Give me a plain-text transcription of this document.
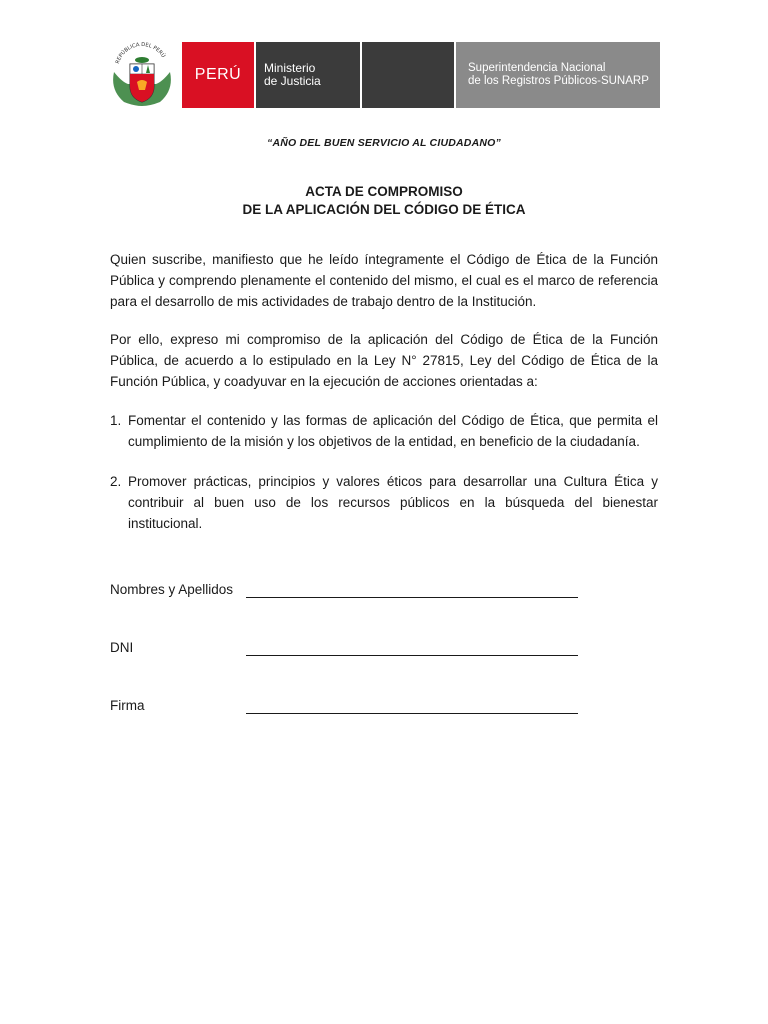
REPÚBLICA DEL PERÚ
PERÚ	Ministerio
de Justicia
Superintendencia Nacional
de los Registros Públicos-SUNARP
“AÑO DEL BUEN SERVICIO AL CIUDADANO”
ACTA DE COMPROMISO
DE LA APLICACIÓN DEL CÓDIGO DE ÉTICA

Quien suscribe, manifiesto que he leído íntegramente el Código de Ética de la Función Pública y comprendo plenamente el contenido del mismo, el cual es el marco de referencia para el desarrollo de mis actividades de trabajo dentro de la Institución.

Por ello, expreso mi compromiso de la aplicación del Código de Ética de la Función Pública, de acuerdo a lo estipulado en la Ley N° 27815, Ley del Código de Ética de la Función Pública, y coadyuvar en la ejecución de acciones orientadas a:

1. Fomentar el contenido y las formas de aplicación del Código de Ética, que permita el cumplimiento de la misión y los objetivos de la entidad, en beneficio de la ciudadanía.
2. Promover prácticas, principios y valores éticos para desarrollar una Cultura Ética y contribuir al buen uso de los recursos públicos en la búsqueda del bienestar institucional.
Nombres y Apellidos
DNI
Firma
